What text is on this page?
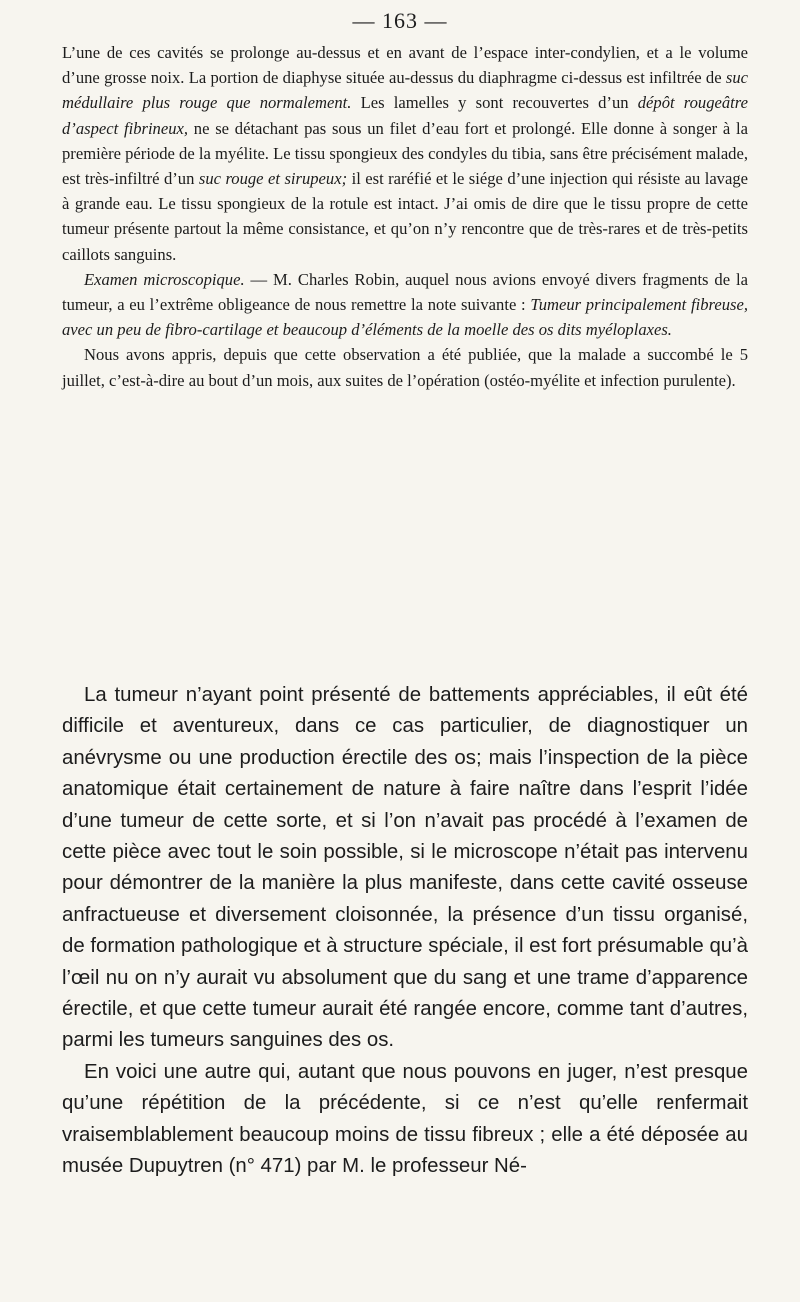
— 163 —

L’une de ces cavités se prolonge au-dessus et en avant de l’espace inter-condylien, et a le volume d’une grosse noix. La portion de diaphyse située au-dessus du diaphragme ci-dessus est infiltrée de suc médullaire plus rouge que normalement. Les lamelles y sont recouvertes d’un dépôt rougeâtre d’aspect fibrineux, ne se détachant pas sous un filet d’eau fort et prolongé. Elle donne à songer à la première période de la myélite. Le tissu spongieux des condyles du tibia, sans être précisément malade, est très-infiltré d’un suc rouge et sirupeux; il est raréfié et le siége d’une injection qui résiste au lavage à grande eau. Le tissu spongieux de la rotule est intact. J’ai omis de dire que le tissu propre de cette tumeur présente partout la même consistance, et qu’on n’y rencontre que de très-rares et de très-petits caillots sanguins.

Examen microscopique. — M. Charles Robin, auquel nous avions envoyé divers fragments de la tumeur, a eu l’extrême obligeance de nous remettre la note suivante : Tumeur principalement fibreuse, avec un peu de fibro-cartilage et beaucoup d’éléments de la moelle des os dits myéloplaxes.

Nous avons appris, depuis que cette observation a été publiée, que la malade a succombé le 5 juillet, c’est-à-dire au bout d’un mois, aux suites de l’opération (ostéo-myélite et infection purulente).

La tumeur n’ayant point présenté de battements appréciables, il eût été difficile et aventureux, dans ce cas particulier, de diagnostiquer un anévrysme ou une production érectile des os; mais l’inspection de la pièce anatomique était certainement de nature à faire naître dans l’esprit l’idée d’une tumeur de cette sorte, et si l’on n’avait pas procédé à l’examen de cette pièce avec tout le soin possible, si le microscope n’était pas intervenu pour démontrer de la manière la plus manifeste, dans cette cavité osseuse anfractueuse et diversement cloisonnée, la présence d’un tissu organisé, de formation pathologique et à structure spéciale, il est fort présumable qu’à l’œil nu on n’y aurait vu absolument que du sang et une trame d’apparence érectile, et que cette tumeur aurait été rangée encore, comme tant d’autres, parmi les tumeurs sanguines des os.

En voici une autre qui, autant que nous pouvons en juger, n’est presque qu’une répétition de la précédente, si ce n’est qu’elle renfermait vraisemblablement beaucoup moins de tissu fibreux ; elle a été déposée au musée Dupuytren (n° 471) par M. le professeur Né-
